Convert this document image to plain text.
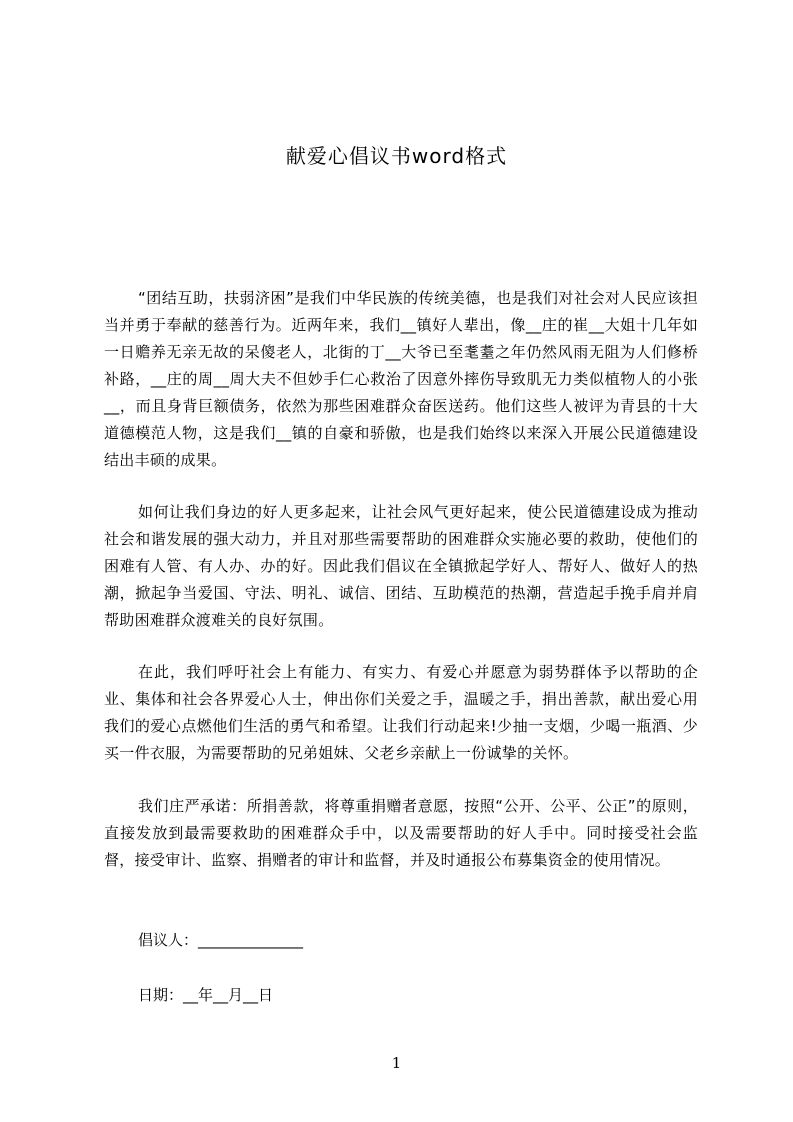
献爱心倡议书word格式

“团结互助，扶弱济困”是我们中华民族的传统美德，也是我们对社会对人民应该担当并勇于奉献的慈善行为。近两年来，我们__镇好人辈出，像__庄的崔__大姐十几年如一日赡养无亲无故的呆傻老人，北街的丁__大爷已至耄耋之年仍然风雨无阻为人们修桥补路，__庄的周__周大夫不但妙手仁心救治了因意外摔伤导致肌无力类似植物人的小张__，而且身背巨额债务，依然为那些困难群众奋医送药。他们这些人被评为青县的十大道德模范人物，这是我们__镇的自豪和骄傲，也是我们始终以来深入开展公民道德建设结出丰硕的成果。

如何让我们身边的好人更多起来，让社会风气更好起来，使公民道德建设成为推动社会和谐发展的强大动力，并且对那些需要帮助的困难群众实施必要的救助，使他们的困难有人管、有人办、办的好。因此我们倡议在全镇掀起学好人、帮好人、做好人的热潮，掀起争当爱国、守法、明礼、诚信、团结、互助模范的热潮，营造起手挽手肩并肩帮助困难群众渡难关的良好氛围。

在此，我们呼吁社会上有能力、有实力、有爱心并愿意为弱势群体予以帮助的企业、集体和社会各界爱心人士，伸出你们关爱之手，温暖之手，捐出善款，献出爱心用我们的爱心点燃他们生活的勇气和希望。让我们行动起来!少抽一支烟，少喝一瓶酒、少买一件衣服，为需要帮助的兄弟姐妹、父老乡亲献上一份诚挚的关怀。

我们庄严承诺：所捐善款，将尊重捐赠者意愿，按照“公开、公平、公正”的原则，直接发放到最需要救助的困难群众手中，以及需要帮助的好人手中。同时接受社会监督，接受审计、监察、捐赠者的审计和监督，并及时通报公布募集资金的使用情况。

倡议人：______________
日期：__年__月__日
1
